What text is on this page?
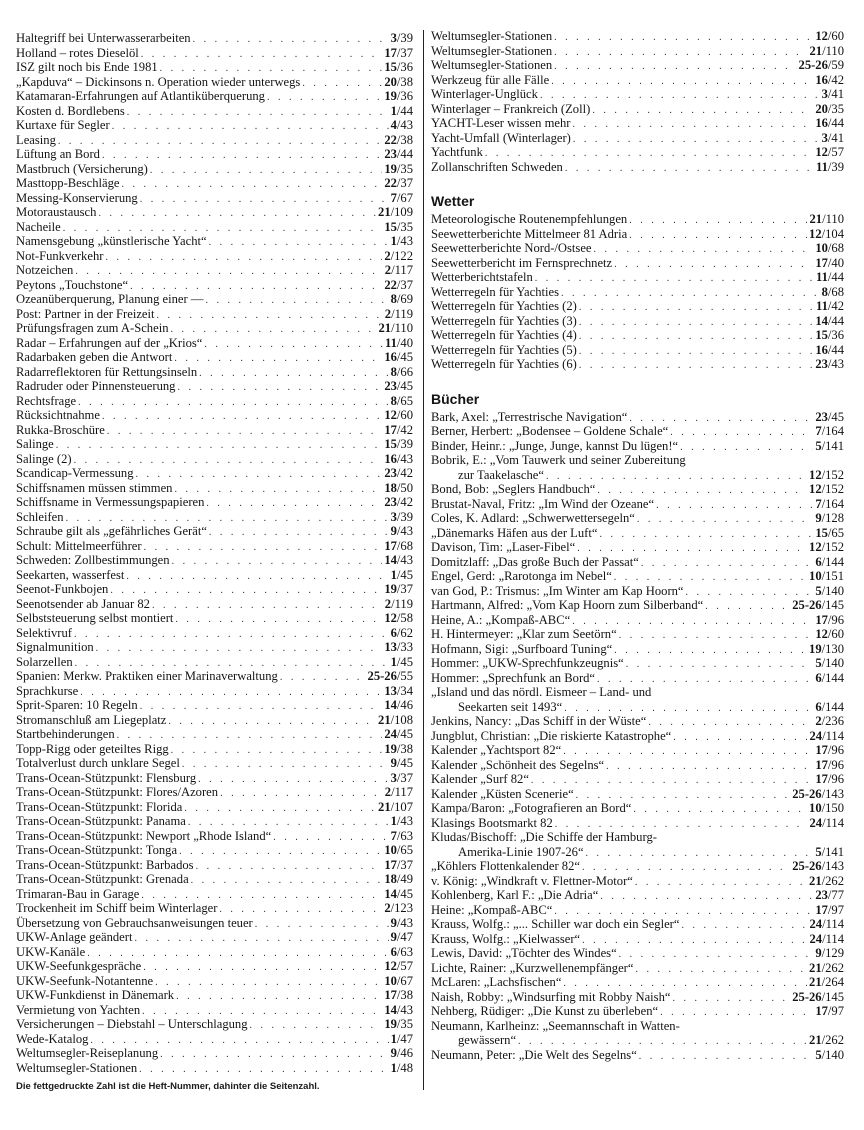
Haltegriff bei Unterwasserarbeiten . . .	3/39
Holland – rotes Dieselöl . . .	17/37
ISZ gilt noch bis Ende 1981 . . .	15/36
„Kapduva“ – Dickinsons n. Operation wieder unterwegs . . .	20/38
Katamaran-Erfahrungen auf Atlantiküberquerung . . .	19/36
Kosten d. Bordlebens . . .	1/44
Kurtaxe für Segler . . .	4/43
Leasing . . .	22/38
Lüftung an Bord . . .	23/44
Mastbruch (Versicherung) . . .	19/35
Masttopp-Beschläge . . .	22/37
Messing-Konservierung . . .	7/67
Motoraustausch . . .	21/109
Nacheile . . .	15/35
Namensgebung „künstlerische Yacht“ . . .	1/43
Not-Funkverkehr . . .	2/122
Notzeichen . . .	2/117
Peytons „Touchstone“ . . .	22/37
Ozeanüberquerung, Planung einer –– . . .	8/69
Post: Partner in der Freizeit . . .	2/119
Prüfungsfragen zum A-Schein . . .	21/110
Radar – Erfahrungen auf der „Krios“ . . .	11/40
Radarbaken geben die Antwort . . .	16/45
Radarreflektoren für Rettungsinseln . . .	8/66
Radruder oder Pinnensteuerung . . .	23/45
Rechtsfrage . . .	8/65
Rücksichtnahme . . .	12/60
Rukka-Broschüre . . .	17/42
Salinge . . .	15/39
Salinge (2) . . .	16/43
Scandicap-Vermessung . . .	23/42
Schiffsnamen müssen stimmen . . .	18/50
Schiffsname in Vermessungspapieren . . .	23/42
Schleifen . . .	3/39
Schraube gilt als „gefährliches Gerät“ . . .	9/43
Schult: Mittelmeerführer . . .	17/68
Schweden: Zollbestimmungen . . .	14/43
Seekarten, wasserfest . . .	1/45
Seenot-Funkbojen . . .	19/37
Seenotsender ab Januar 82 . . .	2/119
Selbststeuerung selbst montiert . . .	12/58
Selektivruf . . .	6/62
Signalmunition . . .	13/33
Solarzellen . . .	1/45
Spanien: Merkw. Praktiken einer Marinaverwaltung . . .	25-26/55
Sprachkurse . . .	13/34
Sprit-Sparen: 10 Regeln . . .	14/46
Stromanschluß am Liegeplatz . . .	21/108
Startbehinderungen . . .	24/45
Topp-Rigg oder geteiltes Rigg . . .	19/38
Totalverlust durch unklare Segel . . .	9/45
Trans-Ocean-Stützpunkt: Flensburg . . .	3/37
Trans-Ocean-Stützpunkt: Flores/Azoren . . .	2/117
Trans-Ocean-Stützpunkt: Florida . . .	21/107
Trans-Ocean-Stützpunkt: Panama . . .	1/43
Trans-Ocean-Stützpunkt: Newport „Rhode Island“ . . .	7/63
Trans-Ocean-Stützpunkt: Tonga . . .	10/65
Trans-Ocean-Stützpunkt: Barbados . . .	17/37
Trans-Ocean-Stützpunkt: Grenada . . .	18/49
Trimaran-Bau in Garage . . .	14/45
Trockenheit im Schiff beim Winterlager . . .	2/123
Übersetzung von Gebrauchsanweisungen teuer . . .	9/43
UKW-Anlage geändert . . .	9/47
UKW-Kanäle . . .	6/63
UKW-Seefunkgespräche . . .	12/57
UKW-Seefunk-Notantenne . . .	10/67
UKW-Funkdienst in Dänemark . . .	17/38
Vermietung von Yachten . . .	14/43
Versicherungen – Diebstahl – Unterschlagung . . .	19/35
Wede-Katalog . . .	1/47
Weltumsegler-Reiseplanung . . .	9/46
Weltumsegler-Stationen . . .	1/48
Weltumsegler-Stationen . . .	12/60
Weltumsegler-Stationen . . .	21/110
Weltumsegler-Stationen . . .	25-26/59
Werkzeug für alle Fälle . . .	16/42
Winterlager-Unglück . . .	3/41
Winterlager – Frankreich (Zoll) . . .	20/35
YACHT-Leser wissen mehr . . .	16/44
Yacht-Umfall (Winterlager) . . .	3/41
Yachtfunk . . .	12/57
Zollanschriften Schweden . . .	11/39
Wetter
Meteorologische Routenempfehlungen . . .	21/110
Seewetterberichte Mittelmeer 81 Adria . . .	12/104
Seewetterberichte Nord-/Ostsee . . .	10/68
Seewetterbericht im Fernsprechnetz . . .	17/40
Wetterberichtstafeln . . .	11/44
Wetterregeln für Yachties . . .	8/68
Wetterregeln für Yachties (2) . . .	11/42
Wetterregeln für Yachties (3) . . .	14/44
Wetterregeln für Yachties (4) . . .	15/36
Wetterregeln für Yachties (5) . . .	16/44
Wetterregeln für Yachties (6) . . .	23/43
Bücher
Bark, Axel: „Terrestrische Navigation“ . . .	23/45
Berner, Herbert: „Bodensee – Goldene Schale“ . . .	7/164
Binder, Heinr.: „Junge, Junge, kannst Du lügen!“ . . .	5/141
Bobrik, E.: „Vom Tauwerk und seiner Zubereitung
zur Taakelasche“ . . .	12/152
Bond, Bob: „Seglers Handbuch“ . . .	12/152
Brustat-Naval, Fritz: „Im Wind der Ozeane“ . . .	7/164
Coles, K. Adlard: „Schwerwettersegeln“ . . .	9/128
„Dänemarks Häfen aus der Luft“ . . .	15/65
Davison, Tim: „Laser-Fibel“ . . .	12/152
Domitzlaff: „Das große Buch der Passat“ . . .	6/144
Engel, Gerd: „Rarotonga im Nebel“ . . .	10/151
van God, P.: Trismus: „Im Winter am Kap Hoorn“ . . .	5/140
Hartmann, Alfred: „Vom Kap Hoorn zum Silberband“ . . .	25-26/145
Heine, A.: „Kompaß-ABC“ . . .	17/96
H. Hintermeyer: „Klar zum Seetörn“ . . .	12/60
Hofmann, Sigi: „Surfboard Tuning“ . . .	19/130
Hommer: „UKW-Sprechfunkzeugnis“ . . .	5/140
Hommer: „Sprechfunk an Bord“ . . .	6/144
„Island und das nördl. Eismeer – Land- und
Seekarten seit 1493“ . . .	6/144
Jenkins, Nancy: „Das Schiff in der Wüste“ . . .	2/236
Jungblut, Christian: „Die riskierte Katastrophe“ . . .	24/114
Kalender „Yachtsport 82“ . . .	17/96
Kalender „Schönheit des Segelns“ . . .	17/96
Kalender „Surf 82“ . . .	17/96
Kalender „Küsten Scenerie“ . . .	25-26/143
Kampa/Baron: „Fotografieren an Bord“ . . .	10/150
Klasings Bootsmarkt 82 . . .	24/114
Kludas/Bischoff: „Die Schiffe der Hamburg-
Amerika-Linie 1907-26“ . . .	5/141
„Köhlers Flottenkalender 82“ . . .	25-26/143
v. König: „Windkraft v. Flettner-Motor“ . . .	21/262
Kohlenberg, Karl F.: „Die Adria“ . . .	23/77
Heine: „Kompaß-ABC“ . . .	17/97
Krauss, Wolfg.: „... Schiller war doch ein Segler“ . . .	24/114
Krauss, Wolfg.: „Kielwasser“ . . .	24/114
Lewis, David: „Töchter des Windes“ . . .	9/129
Lichte, Rainer: „Kurzwellenempfänger“ . . .	21/262
McLaren: „Lachsfischen“ . . .	21/264
Naish, Robby: „Windsurfing mit Robby Naish“ . . .	25-26/145
Nehberg, Rüdiger: „Die Kunst zu überleben“ . . .	17/97
Neumann, Karlheinz: „Seemannschaft in Watten-
gewässern“ . . .	21/262
Neumann, Peter: „Die Welt des Segelns“ . . .	5/140
Die fettgedruckte Zahl ist die Heft-Nummer, dahinter die Seitenzahl.
